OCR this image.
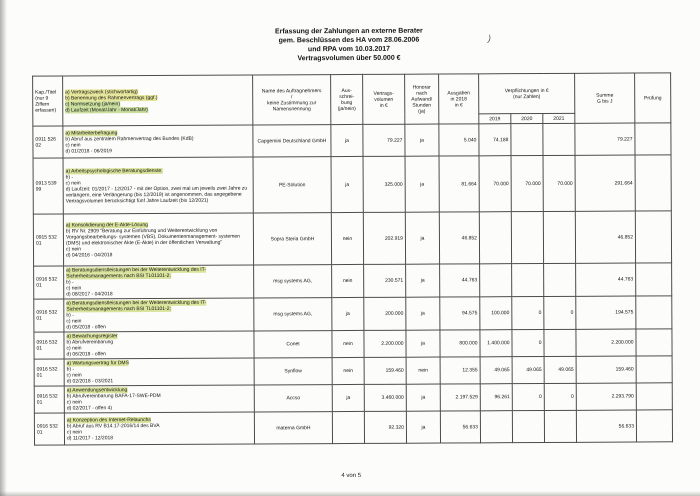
Erfassung der Zahlungen an externe Berater
gem. Beschlüssen des HA vom 28.06.2006
und RPA vom 10.03.2017
Vertragsvolumen über 50.000 €
)
Kap./Titel
(nur 9 Ziffern
erfassen)

a) Vertragszweck (stichwortartig)
b) Benennung des Rahmenvertrags (ggf.)
c) Normsetzung (ja/nein)
d) Laufzeit (Monat/Jahr - Monat/Jahr)

Name des Auftragnehmers
/
keine Zustimmung zur
Namensnennung

Aus-
schrei-
bung
(ja/nein)

Vertrags-
volumen
in €

Honorar
nach
Aufwand/
Stunden
(ja)

Ausgaben
in 2018
in €

Verpflichtungen in €
(nur Zahlen)	Summe
G bis J
	Prüfung
							2019	2020	2021		
0911 526 02	a) Mitarbeiterbefragung
b) Abruf aus zentralem Rahmenvertrag des Bundes (KdB)
c) nein
d) 01/2018 - 06/2019	Capgemini Deutschland GmbH	ja	79.227	ja	5.040	74.188			79.227	
0913 539 99	a) Arbeitspsychologische Beratungsdienste;
b) -
c) nein
d) Laufzeit: 01/2017 - 12/2017 - mit der Option, zwei mal um jeweils zwei Jahre zu verlängern, eine Verlängerung (bis 12/2019) ist angenommen, das angegebene Vertragsvolumen berücksichtigt fünf Jahre Laufzeit (bis 12/2021)	PE-Solution	ja	325.000	ja	81.664	70.000	70.000	70.000	291.664	
0915 532 01	a) Konsolidierung der E-Akte-Lösung
b) RV Nr. 2909 "Beratung zur Einführung und Weiterentwicklung von Vorgangsbearbeitungs- systemen (VBS), Dokumentenmanagement- systemen (DMS) und elektronischer Akte (E-Akte) in der öffentlichen Verwaltung"
c) nein
d) 04/2016 - 04/2018	Sopra Steria GmbH	nein	202.919	ja	46.852				46.852	
0916 532 01	a) Beratungsdienstleistungen bei der Weiterentwicklung des IT- Sicherheitsmanagements nach BSI TL01101-2;
b) -
c) nein
d) 08/2017 - 04/2018	msg systems AG,	nein	230.571	ja	44.763				44.763	
0916 532 01	a) Beratungsdienstleistungen bei der Weiterentwicklung des IT- Sicherheitsmanagements nach BSI TL01101-2;
b) -
c) nein
d) 05/2018 - offen	msg systems AG,	ja	200.000	ja	94.575	100.000	0	0	194.575	
0916 532 01	a) Bewachungsregister
b) Abrufvereinbarung
c) nein
d) 06/2018 - offen	Conet	nein	2.200.000	ja	800.000	1.400.000	0		2.200.000	
0916 532 01	a) Wartungsvertrag für DMS
b) -
c) nein
d) 02/2018 - 03/2021	Synflow	nein	159.460	nein	12.355	49.065	49.065	49.065	159.460	
0916 532 01	a) Anwendungsentwicklung
b) Abrufvereinbarung BAFA-17-SWE-PDM
c) nein
d) 02/2017 - offen 4)	Accso	ja	3.460.000	ja	2.197.529	96.261	0	0	2.293.790	
0916 532 01	a) Konzeption des Internet-Relaunchs
b) Abruf aus RV B14.17-2016/14 des BVA
c) nein
d) 11/2017 - 12/2018	materna GmbH		92.320	ja	56.633				56.633	
4 von 5
